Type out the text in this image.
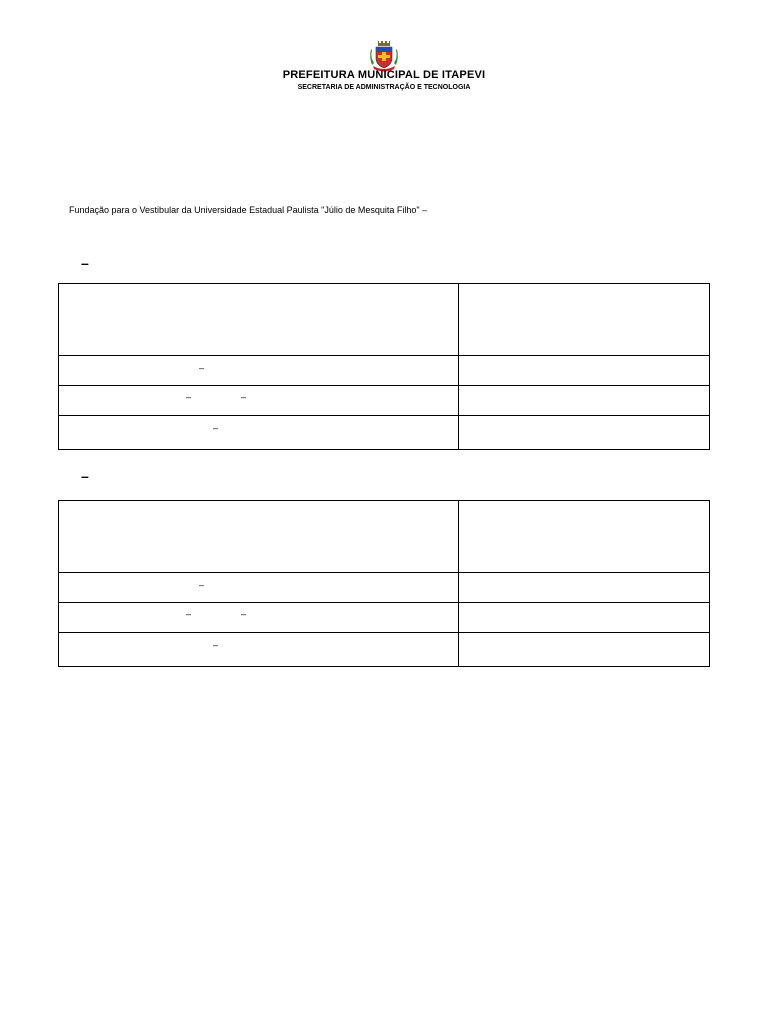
PREFEITURA MUNICIPAL DE ITAPEVI
SECRETARIA DE ADMINISTRAÇÃO E TECNOLOGIA
Fundação para o Vestibular da Universidade Estadual Paulista "Júlio de Mesquita Filho" –
–
–
–	–
–
–
–
–	–
–
